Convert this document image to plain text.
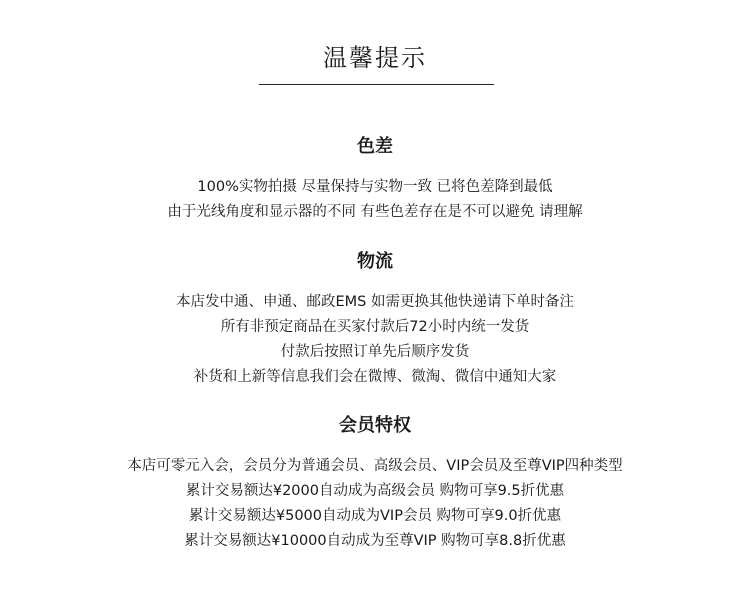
温馨提示
色差

100%实物拍摄 尽量保持与实物一致 已将色差降到最低

由于光线角度和显示器的不同 有些色差存在是不可以避免 请理解

物流

本店发中通、申通、邮政EMS 如需更换其他快递请下单时备注

所有非预定商品在买家付款后72小时内统一发货

付款后按照订单先后顺序发货

补货和上新等信息我们会在微博、微淘、微信中通知大家

会员特权

本店可零元入会，会员分为普通会员、高级会员、VIP会员及至尊VIP四种类型

累计交易额达¥2000自动成为高级会员 购物可享9.5折优惠

累计交易额达¥5000自动成为VIP会员 购物可享9.0折优惠

累计交易额达¥10000自动成为至尊VIP 购物可享8.8折优惠
